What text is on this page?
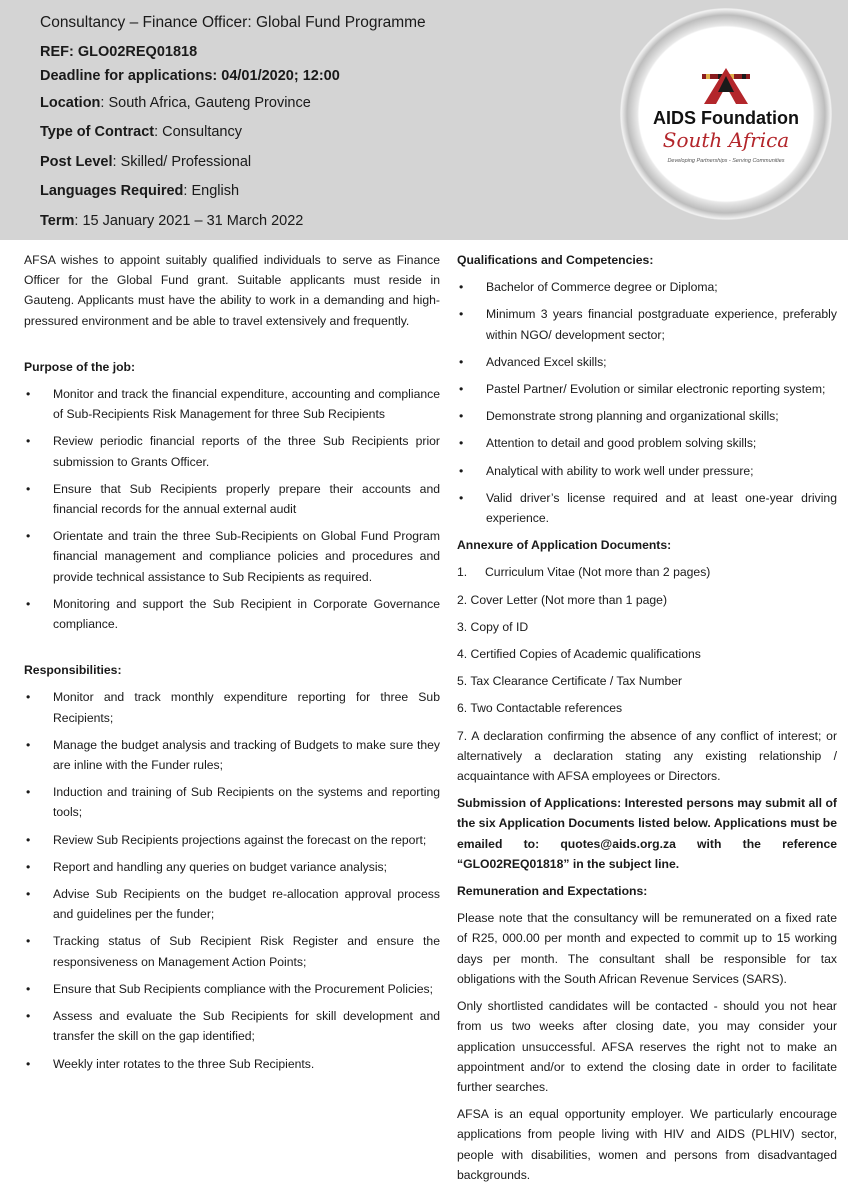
Consultancy – Finance Officer: Global Fund Programme
REF: GLO02REQ01818
Deadline for applications: 04/01/2020; 12:00
Location: South Africa, Gauteng Province
Type of Contract: Consultancy
Post Level: Skilled/ Professional
Languages Required: English
Term: 15 January 2021 – 31 March 2022
AIDS Foundation
South Africa
Developing Partnerships - Serving Communities
AFSA wishes to appoint suitably qualified individuals to serve as Finance Officer for the Global Fund grant. Suitable applicants must reside in Gauteng. Applicants must have the ability to work in a demanding and high-pressured environment and be able to travel extensively and frequently.
Purpose of the job:
• Monitor and track the financial expenditure, accounting and compliance of Sub-Recipients Risk Management for three Sub Recipients
• Review periodic financial reports of the three Sub Recipients prior submission to Grants Officer.
• Ensure that Sub Recipients properly prepare their accounts and financial records for the annual external audit
• Orientate and train the three Sub-Recipients on Global Fund Program financial management and compliance policies and procedures and provide technical assistance to Sub Recipients as required.
• Monitoring and support the Sub Recipient in Corporate Governance compliance.
Responsibilities:
• Monitor and track monthly expenditure reporting for three Sub Recipients;
• Manage the budget analysis and tracking of Budgets to make sure they are inline with the Funder rules;
• Induction and training of Sub Recipients on the systems and reporting tools;
• Review Sub Recipients projections against the forecast on the report;
• Report and handling any queries on budget variance analysis;
• Advise Sub Recipients on the budget re-allocation approval process and guidelines per the funder;
• Tracking status of Sub Recipient Risk Register and ensure the responsiveness on Management Action Points;
• Ensure that Sub Recipients compliance with the Procurement Policies;
• Assess and evaluate the Sub Recipients for skill development and transfer the skill on the gap identified;
• Weekly inter rotates to the three Sub Recipients.
Qualifications and Competencies:
• Bachelor of Commerce degree or Diploma;
• Minimum 3 years financial postgraduate experience, preferably within NGO/ development sector;
• Advanced Excel skills;
• Pastel Partner/ Evolution or similar electronic reporting system;
• Demonstrate strong planning and organizational skills;
• Attention to detail and good problem solving skills;
• Analytical with ability to work well under pressure;
• Valid driver’s license required and at least one-year driving experience.
Annexure of Application Documents:
1. Curriculum Vitae (Not more than 2 pages)
2. Cover Letter (Not more than 1 page)
3. Copy of ID
4. Certified Copies of Academic qualifications
5. Tax Clearance Certificate / Tax Number
6. Two Contactable references
7. A declaration confirming the absence of any conflict of interest; or alternatively a declaration stating any existing relationship / acquaintance with AFSA employees or Directors.
Submission of Applications: Interested persons may submit all of the six Application Documents listed below. Applications must be emailed to: quotes@aids.org.za with the reference “GLO02REQ01818” in the subject line.
Remuneration and Expectations:
Please note that the consultancy will be remunerated on a fixed rate of R25, 000.00 per month and expected to commit up to 15 working days per month. The consultant shall be responsible for tax obligations with the South African Revenue Services (SARS).
Only shortlisted candidates will be contacted - should you not hear from us two weeks after closing date, you may consider your application unsuccessful. AFSA reserves the right not to make an appointment and/or to extend the closing date in order to facilitate further searches.
AFSA is an equal opportunity employer. We particularly encourage applications from people living with HIV and AIDS (PLHIV) sector, people with disabilities, women and persons from disadvantaged backgrounds.
